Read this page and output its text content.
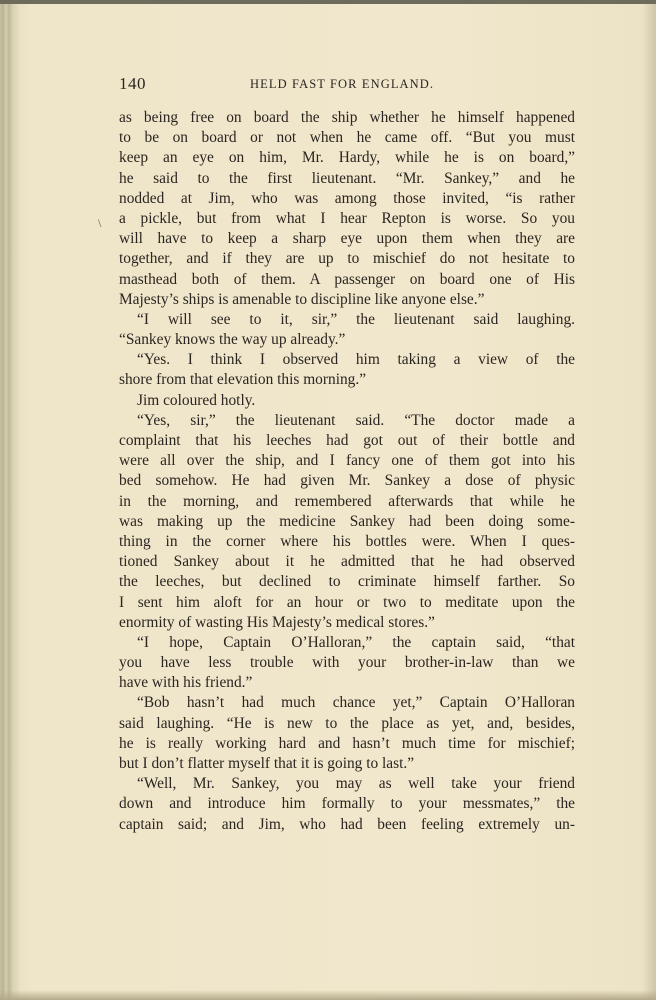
140	HELD FAST FOR ENGLAND.
\
as being free on board the ship whether he himself happened
to be on board or not when he came off. “But you must
keep an eye on him, Mr. Hardy, while he is on board,”
he said to the first lieutenant. “Mr. Sankey,” and he
nodded at Jim, who was among those invited, “is rather
a pickle, but from what I hear Repton is worse. So you
will have to keep a sharp eye upon them when they are
together, and if they are up to mischief do not hesitate to
masthead both of them. A passenger on board one of His
Majesty’s ships is amenable to discipline like anyone else.”
“I will see to it, sir,” the lieutenant said laughing.
“Sankey knows the way up already.”
“Yes. I think I observed him taking a view of the
shore from that elevation this morning.”
Jim coloured hotly.
“Yes, sir,” the lieutenant said. “The doctor made a
complaint that his leeches had got out of their bottle and
were all over the ship, and I fancy one of them got into his
bed somehow. He had given Mr. Sankey a dose of physic
in the morning, and remembered afterwards that while he
was making up the medicine Sankey had been doing some-
thing in the corner where his bottles were. When I ques-
tioned Sankey about it he admitted that he had observed
the leeches, but declined to criminate himself farther. So
I sent him aloft for an hour or two to meditate upon the
enormity of wasting His Majesty’s medical stores.”
“I hope, Captain O’Halloran,” the captain said, “that
you have less trouble with your brother-in-law than we
have with his friend.”
“Bob hasn’t had much chance yet,” Captain O’Halloran
said laughing. “He is new to the place as yet, and, besides,
he is really working hard and hasn’t much time for mischief;
but I don’t flatter myself that it is going to last.”
“Well, Mr. Sankey, you may as well take your friend
down and introduce him formally to your messmates,” the
captain said; and Jim, who had been feeling extremely un-
